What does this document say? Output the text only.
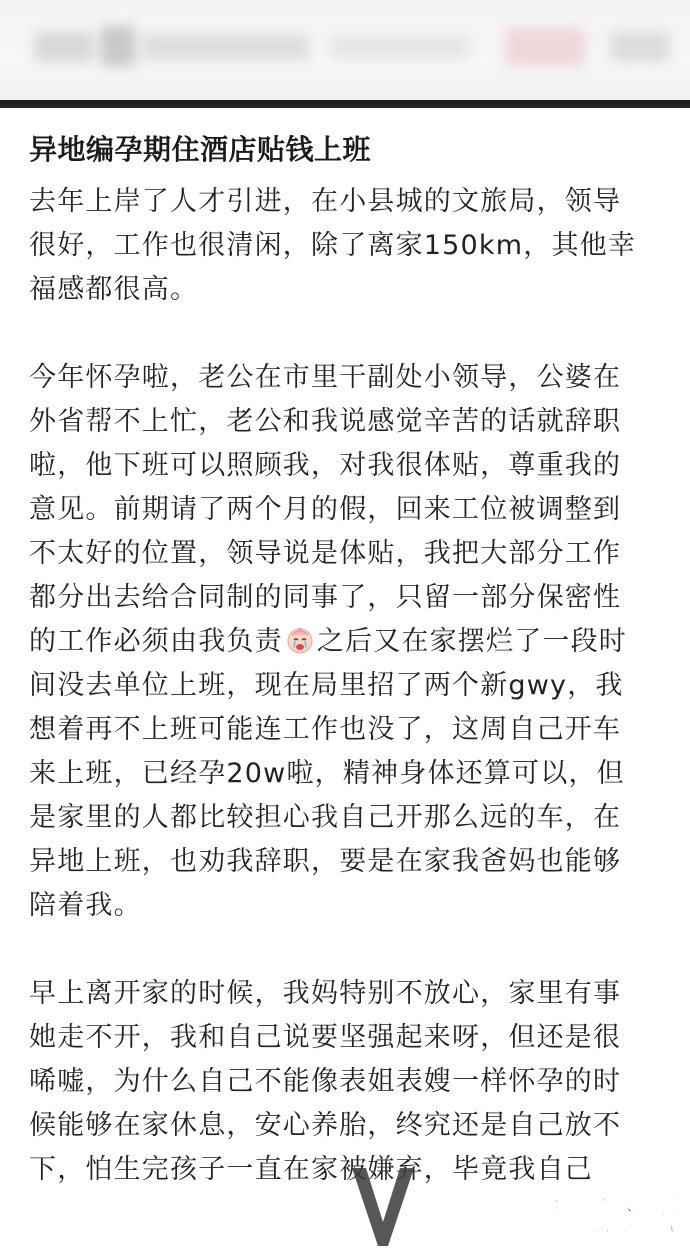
异地编孕期住酒店贴钱上班
去年上岸了人才引进，在小县城的文旅局，领导
很好，工作也很清闲，除了离家150km，其他幸
福感都很高。
今年怀孕啦，老公在市里干副处小领导，公婆在
外省帮不上忙，老公和我说感觉辛苦的话就辞职
啦，他下班可以照顾我，对我很体贴，尊重我的
意见。前期请了两个月的假，回来工位被调整到
不太好的位置，领导说是体贴，我把大部分工作
都分出去给合同制的同事了，只留一部分保密性
的工作必须由我负责 之后又在家摆烂了一段时
间没去单位上班，现在局里招了两个新gwy，我
想着再不上班可能连工作也没了，这周自己开车
来上班，已经孕20w啦，精神身体还算可以，但
是家里的人都比较担心我自己开那么远的车，在
异地上班，也劝我辞职，要是在家我爸妈也能够
陪着我。
早上离开家的时候，我妈特别不放心，家里有事
她走不开，我和自己说要坚强起来呀，但还是很
唏嘘，为什么自己不能像表姐表嫂一样怀孕的时
候能够在家休息，安心养胎，终究还是自己放不
下，怕生完孩子一直在家被嫌弃，毕竟我自己
青遇论坛
